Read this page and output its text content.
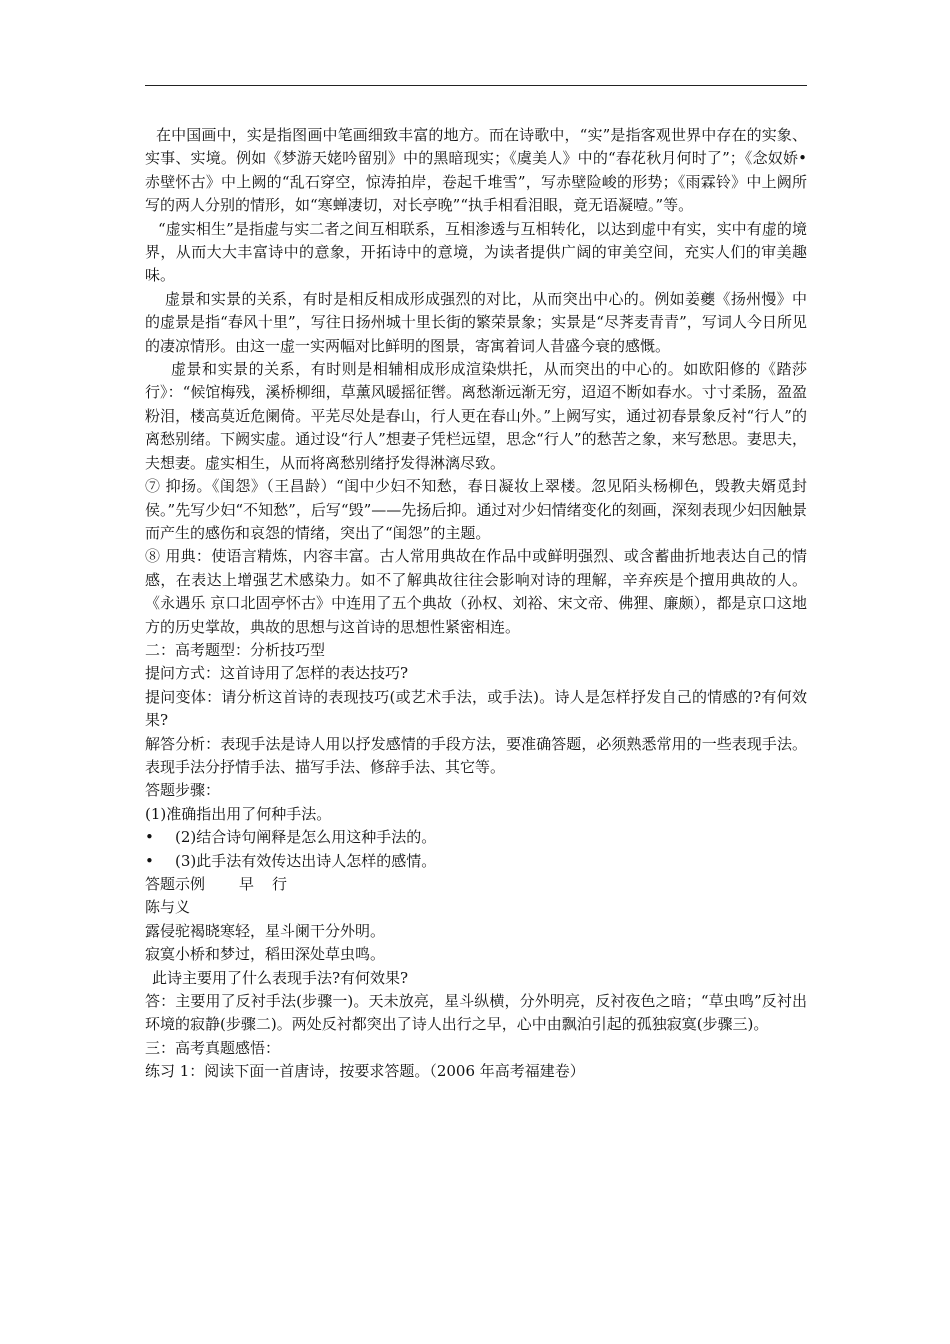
在中国画中，实是指图画中笔画细致丰富的地方。而在诗歌中，“实”是指客观世界中存在的实象、实事、实境。例如《梦游天姥吟留别》中的黑暗现实；《虞美人》中的“春花秋月何时了”；《念奴娇•赤壁怀古》中上阙的“乱石穿空，惊涛拍岸，卷起千堆雪”，写赤壁险峻的形势；《雨霖铃》中上阙所写的两人分别的情形，如“寒蝉凄切，对长亭晚”“执手相看泪眼，竟无语凝噎。”等。

“虚实相生”是指虚与实二者之间互相联系，互相渗透与互相转化，以达到虚中有实，实中有虚的境界，从而大大丰富诗中的意象，开拓诗中的意境，为读者提供广阔的审美空间，充实人们的审美趣味。

虚景和实景的关系，有时是相反相成形成强烈的对比，从而突出中心的。例如姜夔《扬州慢》中的虚景是指“春风十里”，写往日扬州城十里长街的繁荣景象；实景是“尽荠麦青青”，写词人今日所见的凄凉情形。由这一虚一实两幅对比鲜明的图景，寄寓着词人昔盛今衰的感慨。

虚景和实景的关系，有时则是相辅相成形成渲染烘托，从而突出的中心的。如欧阳修的《踏莎行》：“候馆梅残，溪桥柳细，草薰风暖摇征辔。离愁渐远渐无穷，迢迢不断如春水。寸寸柔肠，盈盈粉泪，楼高莫近危阑倚。平芜尽处是春山，行人更在春山外。”上阙写实，通过初春景象反衬“行人”的离愁别绪。下阙实虚。通过设“行人”想妻子凭栏远望，思念“行人”的愁苦之象，来写愁思。妻思夫，夫想妻。虚实相生，从而将离愁别绪抒发得淋漓尽致。

⑦ 抑扬。《闺怨》（王昌龄）“闺中少妇不知愁，春日凝妆上翠楼。忽见陌头杨柳色，毁教夫婿觅封侯。”先写少妇“不知愁”，后写“毁”——先扬后抑。通过对少妇情绪变化的刻画，深刻表现少妇因触景而产生的感伤和哀怨的情绪，突出了“闺怨”的主题。

⑧ 用典：使语言精炼，内容丰富。古人常用典故在作品中或鲜明强烈、或含蓄曲折地表达自己的情感，在表达上增强艺术感染力。如不了解典故往往会影响对诗的理解，辛弃疾是个擅用典故的人。《永遇乐 京口北固亭怀古》中连用了五个典故（孙权、刘裕、宋文帝、佛狸、廉颇），都是京口这地方的历史掌故，典故的思想与这首诗的思想性紧密相连。

二：高考题型：分析技巧型

提问方式：这首诗用了怎样的表达技巧?

提问变体：请分析这首诗的表现技巧(或艺术手法，或手法)。诗人是怎样抒发自己的情感的?有何效果?

解答分析：表现手法是诗人用以抒发感情的手段方法，要准确答题，必须熟悉常用的一些表现手法。表现手法分抒情手法、描写手法、修辞手法、其它等。

答题步骤：

(1)准确指出用了何种手法。

•	(2)结合诗句阐释是怎么用这种手法的。
•	(3)此手法有效传达出诗人怎样的感情。

答题示例 早 行

陈与义

露侵驼褐晓寒轻，星斗阑干分外明。

寂寞小桥和梦过，稻田深处草虫鸣。

此诗主要用了什么表现手法?有何效果?

答：主要用了反衬手法(步骤一)。天未放亮，星斗纵横，分外明亮，反衬夜色之暗；“草虫鸣”反衬出环境的寂静(步骤二)。两处反衬都突出了诗人出行之早，心中由飘泊引起的孤独寂寞(步骤三)。

三：高考真题感悟：

练习 1：阅读下面一首唐诗，按要求答题。（2006 年高考福建卷）
